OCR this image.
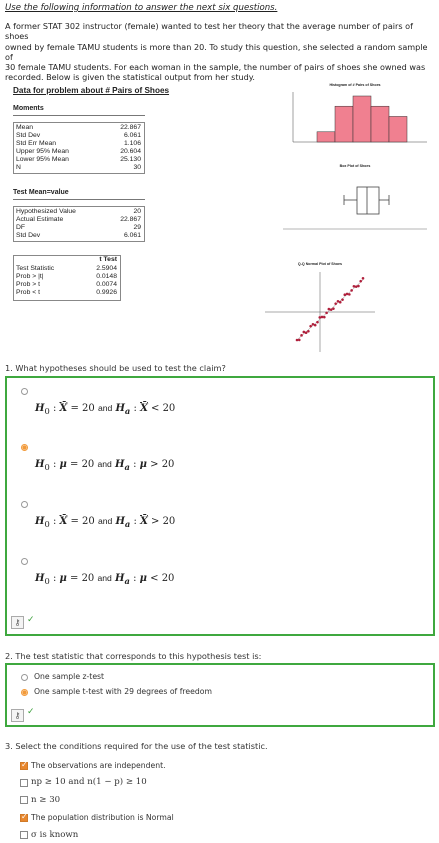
Use the following information to answer the next six questions.
A former STAT 302 instructor (female) wanted to test her theory that the average number of pairs of shoes
owned by female TAMU students is more than 20. To study this question, she selected a random sample of
30 female TAMU students. For each woman in the sample, the number of pairs of shoes she owned was
recorded. Below is given the statistical output from her study.
Data for problem about # Pairs of Shoes
Moments
Mean
Std Dev
Std Err Mean
Upper 95% Mean
Lower 95% Mean
N
22.867
6.061
1.106
20.604
25.130
30
Test Mean=value
Hypothesized Value
Actual Estimate
DF
Std Dev
20
22.867
29
6.061
t Test
Test Statistic
Prob > |t|
Prob > t
Prob < t
2.5904
0.0148
0.0074
0.9926
Histogram of # Pairs of Shoes
Box Plot of Shoes
Q-Q Normal Plot of Shoes
1. What hypotheses should be used to test the claim?
$H_0$ : X̄ = 20 and $H_a$ : X̄ < 20
$H_0$ : μ = 20 and $H_a$ : μ > 20
$H_0$ : X̄ = 20 and $H_a$ : X̄ > 20
$H_0$ : μ = 20 and $H_a$ : μ < 20
⚷ ✓
2. The test statistic that corresponds to this hypothesis test is:
One sample z-test
One sample t-test with 29 degrees of freedom
⚷ ✓
3. Select the conditions required for the use of the test statistic.
✓
The observations are independent.
np ≥ 10 and n(1 − p) ≥ 10
n ≥ 30
✓
The population distribution is Normal
σ is known
